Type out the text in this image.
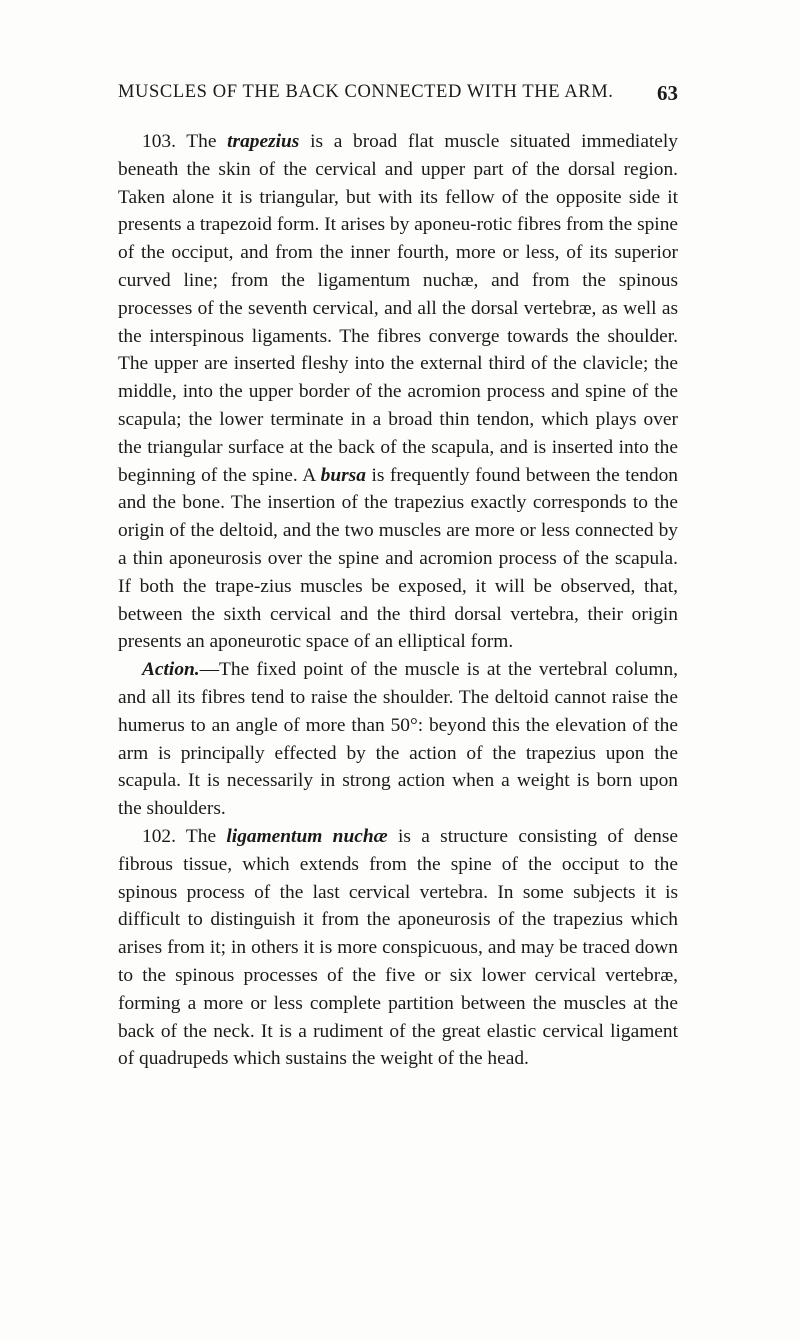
MUSCLES OF THE BACK CONNECTED WITH THE ARM. 63

103. The trapezius is a broad flat muscle situated immediately beneath the skin of the cervical and upper part of the dorsal region. Taken alone it is triangular, but with its fellow of the opposite side it presents a trapezoid form. It arises by aponeu-rotic fibres from the spine of the occiput, and from the inner fourth, more or less, of its superior curved line; from the ligamentum nuchæ, and from the spinous processes of the seventh cervical, and all the dorsal vertebræ, as well as the interspinous ligaments. The fibres converge towards the shoulder. The upper are inserted fleshy into the external third of the clavicle; the middle, into the upper border of the acromion process and spine of the scapula; the lower terminate in a broad thin tendon, which plays over the triangular surface at the back of the scapula, and is inserted into the beginning of the spine. A bursa is frequently found between the tendon and the bone. The insertion of the trapezius exactly corresponds to the origin of the deltoid, and the two muscles are more or less connected by a thin aponeurosis over the spine and acromion process of the scapula. If both the trape-zius muscles be exposed, it will be observed, that, between the sixth cervical and the third dorsal vertebra, their origin presents an aponeurotic space of an elliptical form.

Action.—The fixed point of the muscle is at the vertebral column, and all its fibres tend to raise the shoulder. The deltoid cannot raise the humerus to an angle of more than 50°: beyond this the elevation of the arm is principally effected by the action of the trapezius upon the scapula. It is necessarily in strong action when a weight is born upon the shoulders.

102. The ligamentum nuchæ is a structure consisting of dense fibrous tissue, which extends from the spine of the occiput to the spinous process of the last cervical vertebra. In some subjects it is difficult to distinguish it from the aponeurosis of the trapezius which arises from it; in others it is more conspicuous, and may be traced down to the spinous processes of the five or six lower cervical vertebræ, forming a more or less complete partition between the muscles at the back of the neck. It is a rudiment of the great elastic cervical ligament of quadrupeds which sustains the weight of the head.
